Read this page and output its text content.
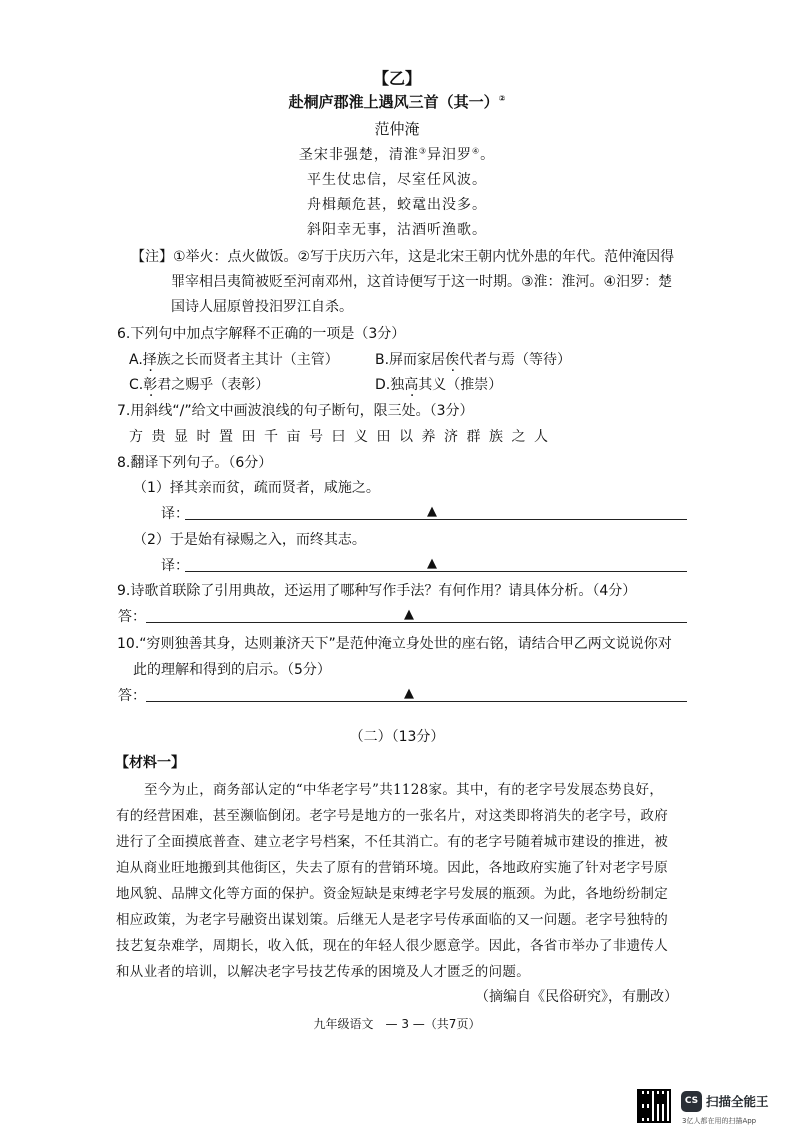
【乙】
赴桐庐郡淮上遇风三首（其一）②
范仲淹
圣宋非强楚，清淮③异汨罗④。
平生仗忠信，尽室任风波。
舟楫颠危甚，蛟鼋出没多。
斜阳幸无事，沽酒听渔歌。
【注】①举火：点火做饭。②写于庆历六年，这是北宋王朝内忧外患的年代。范仲淹因得
罪宰相吕夷简被贬至河南邓州，这首诗便写于这一时期。③淮：淮河。④汨罗：楚
国诗人屈原曾投汨罗江自杀。
6.下列句中加点字解释不正确的一项是（3分）
A.择族之长而贤者主其计（主管）	B.屏而家居俟代者与焉（等待）
C.彰君之赐乎（表彰）	D.独高其义（推崇）
7.用斜线“/”给文中画波浪线的句子断句，限三处。（3分）
方贵显时置田千亩号曰义田以养济群族之人
8.翻译下列句子。（6分）
（1）择其亲而贫，疏而贤者，咸施之。
译：	▲
（2）于是始有禄赐之入，而终其志。
译：	▲
9.诗歌首联除了引用典故，还运用了哪种写作手法？有何作用？请具体分析。（4分）
答：	▲
10.“穷则独善其身，达则兼济天下”是范仲淹立身处世的座右铭，请结合甲乙两文说说你对
此的理解和得到的启示。（5分）
答：	▲
（二）（13分）
【材料一】
至今为止，商务部认定的“中华老字号”共1128家。其中，有的老字号发展态势良好，
有的经营困难，甚至濒临倒闭。老字号是地方的一张名片，对这类即将消失的老字号，政府
进行了全面摸底普查、建立老字号档案，不任其消亡。有的老字号随着城市建设的推进，被
迫从商业旺地搬到其他街区，失去了原有的营销环境。因此，各地政府实施了针对老字号原
地风貌、品牌文化等方面的保护。资金短缺是束缚老字号发展的瓶颈。为此，各地纷纷制定
相应政策，为老字号融资出谋划策。后继无人是老字号传承面临的又一问题。老字号独特的
技艺复杂难学，周期长，收入低，现在的年轻人很少愿意学。因此，各省市举办了非遗传人
和从业者的培训，以解决老字号技艺传承的困境及人才匮乏的问题。
（摘编自《民俗研究》，有删改）
九年级语文　— 3 —（共7页）
CS 扫描全能王
3亿人都在用的扫描App
